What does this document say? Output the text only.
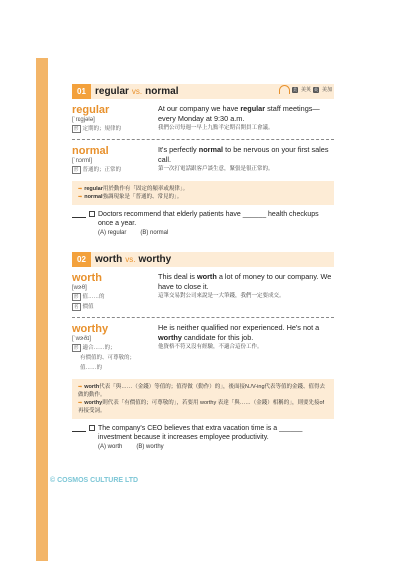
01 regular vs. normal	美 美英 英 美加
regular
[ˈrɛgjələ]
形 定期的；規律的
At our company we have regular staff meetings—every Monday at 9:30 a.m.
我們公司每週一早上九點半定期召開員工會議。
normal
[ˈnɔrml]
形 普通的；正常的
It's perfectly normal to be nervous on your first sales call.
第一次打電話跟客戶談生意，緊張是很正常的。
➡ regular用於動作有「固定的頻率或規律」。
➡ normal強調現象是「普通的、常見的」。
Doctors recommend that elderly patients have ______ health checkups once a year.
(A) regular (B) normal
02 worth vs. worthy
worth
[wɝθ]
形 值……的
名 價值
This deal is worth a lot of money to our company. We have to close it.
這筆交易對公司來說是一大筆錢，我們一定要成交。
worthy
[ˈwɝðɪ]
形 適合……的；
有價值的、可尊敬的；
值……的
He is neither qualified nor experienced. He's not a worthy candidate for this job.
他資格不符又沒有經驗，不適合這份工作。
➡ worth代表「與……（金錢）等值的；值得做（動作）的」，後面接N./V-ing代表等值的金錢、值得去做的動作。
➡ worthy則代表「有價值的；可尊敬的」，若要用 worthy 表達「與……（金錢）相稱的」，則要先接of再接受詞。
The company's CEO believes that extra vacation time is a ______ investment because it increases employee productivity.
(A) worth (B) worthy
© COSMOS CULTURE LTD
